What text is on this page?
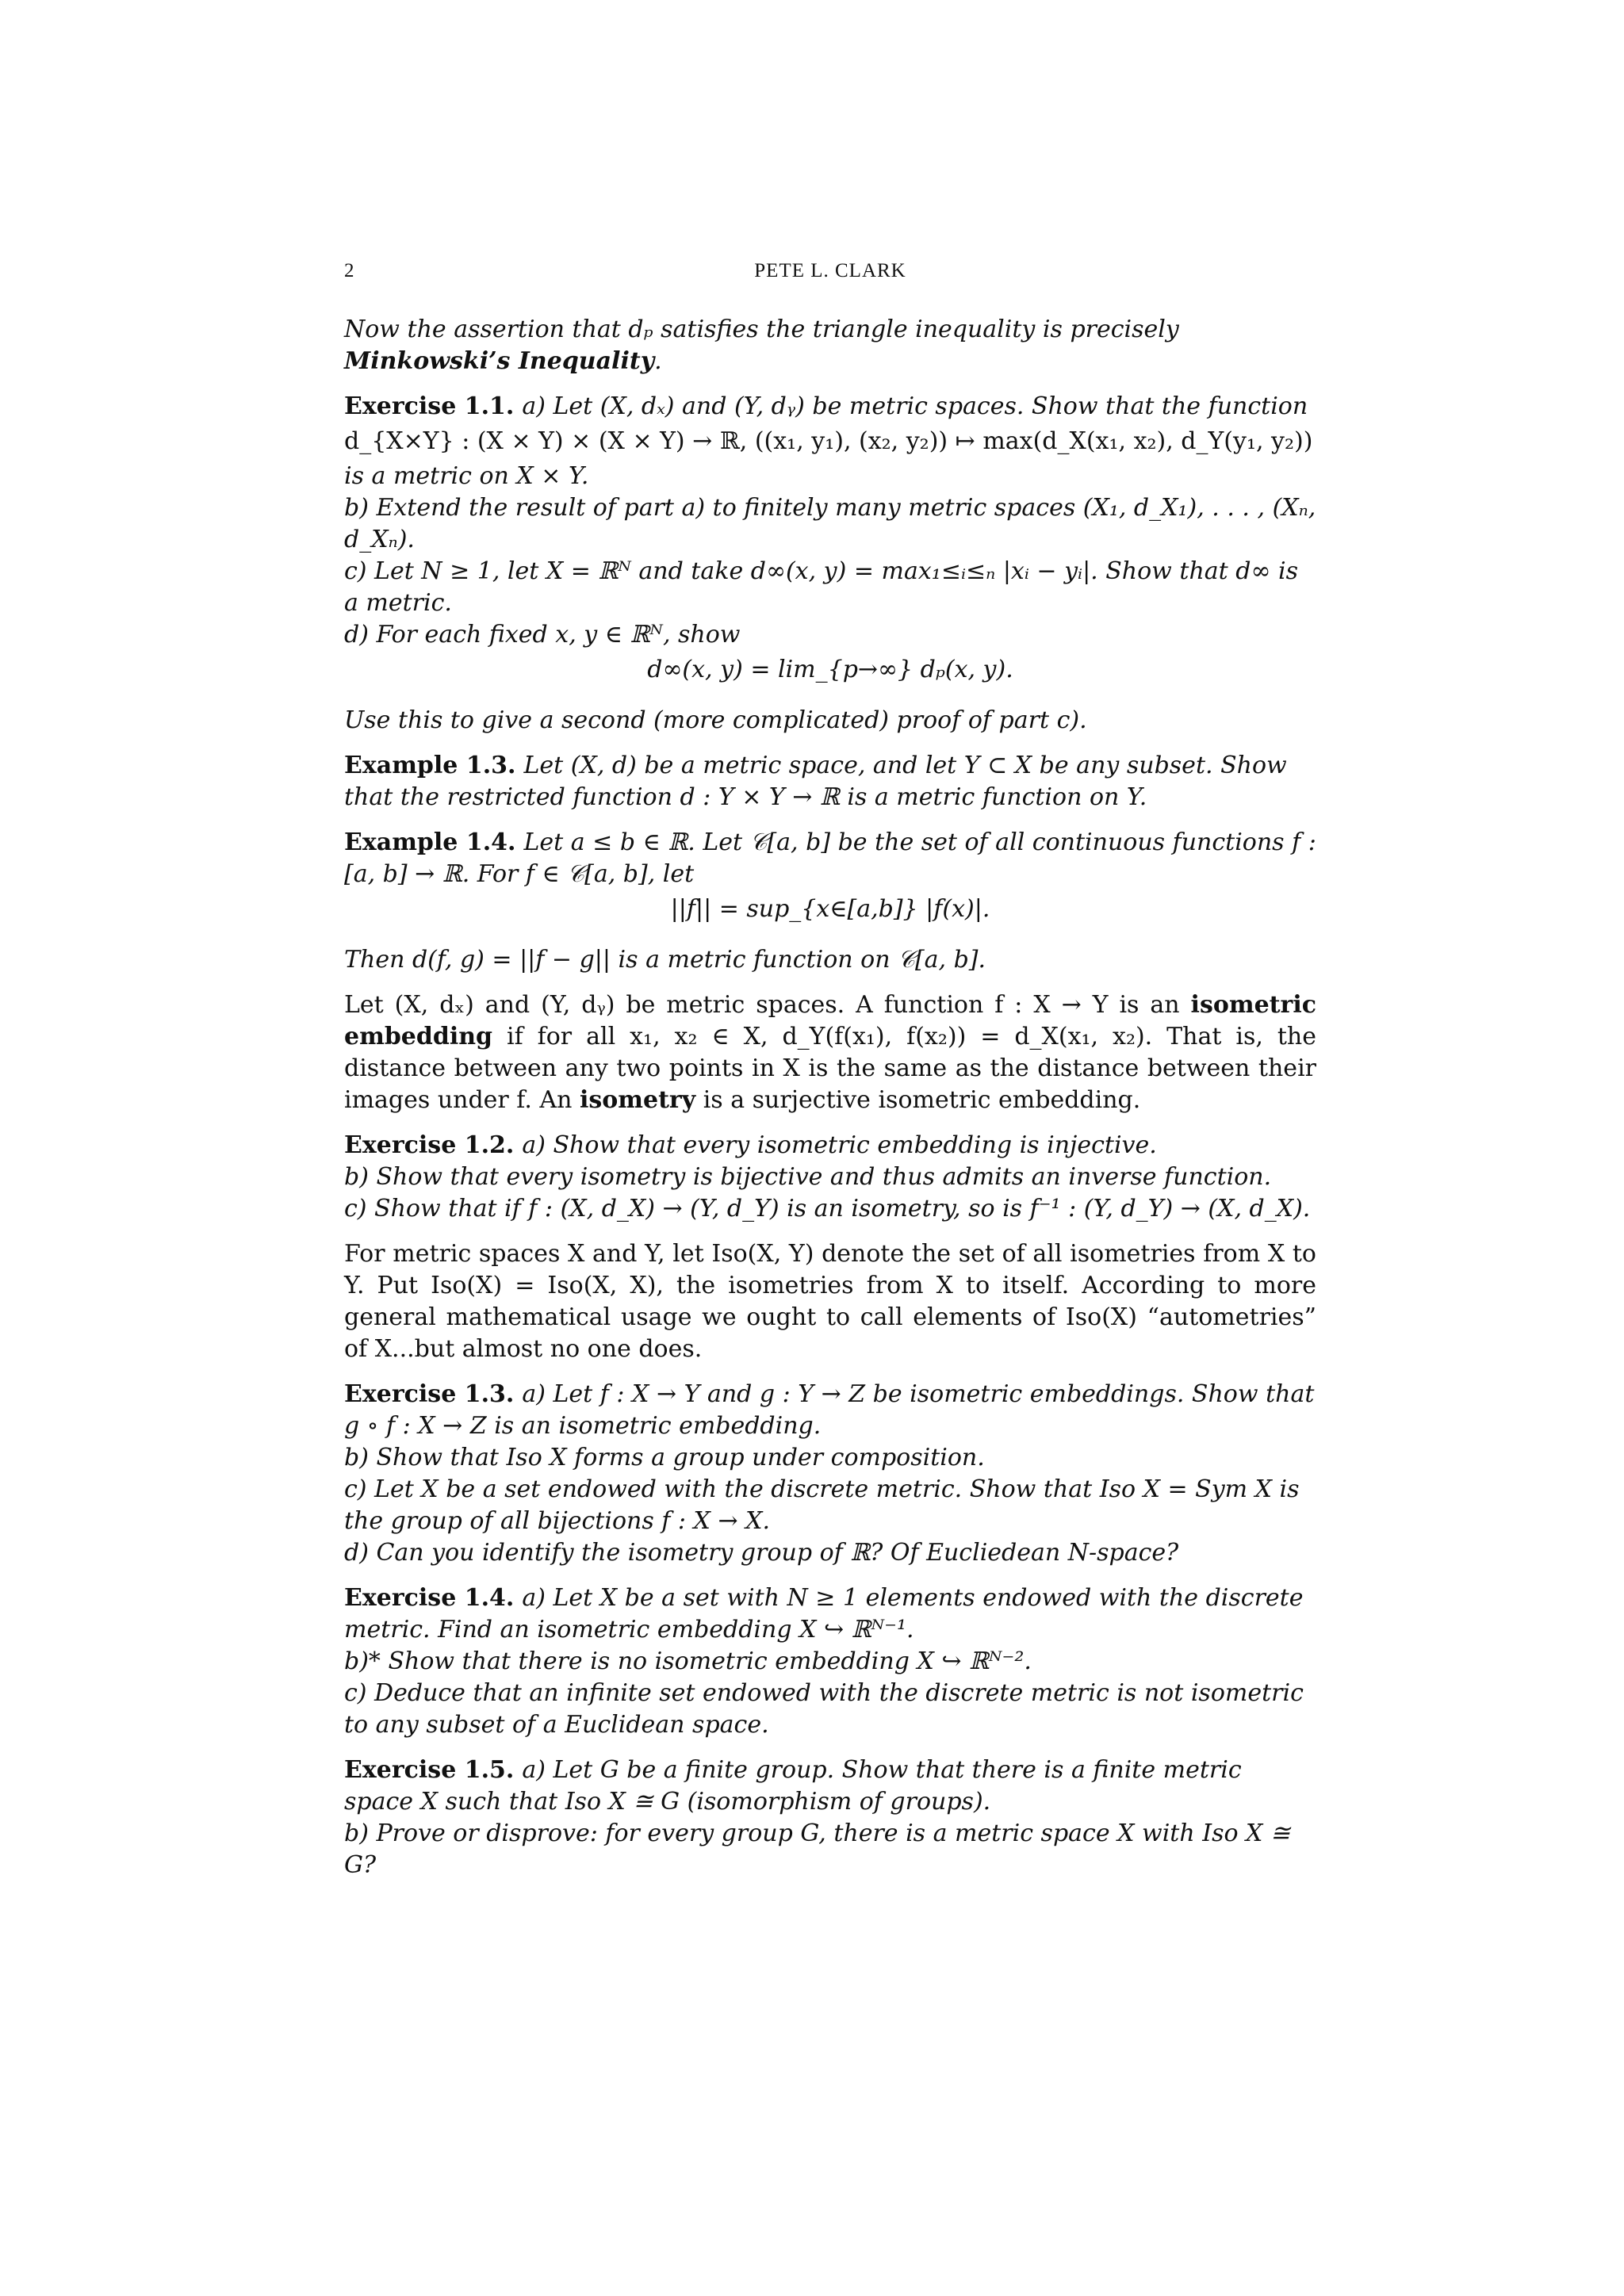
2	PETE L. CLARK
Now the assertion that dₚ satisfies the triangle inequality is precisely Minkowski’s Inequality.
Exercise 1.1. a) Let (X, dₓ) and (Y, dᵧ) be metric spaces. Show that the function
d_{X×Y} : (X × Y) × (X × Y) → ℝ, ((x₁, y₁), (x₂, y₂)) ↦ max(d_X(x₁, x₂), d_Y(y₁, y₂))
is a metric on X × Y.
b) Extend the result of part a) to finitely many metric spaces (X₁, d_X₁), . . . , (Xₙ, d_Xₙ).
c) Let N ≥ 1, let X = ℝᴺ and take d∞(x, y) = max₁≤ᵢ≤ₙ |xᵢ − yᵢ|. Show that d∞ is a metric.
d) For each fixed x, y ∈ ℝᴺ, show
d∞(x, y) = lim_{p→∞} dₚ(x, y).
Use this to give a second (more complicated) proof of part c).
Example 1.3. Let (X, d) be a metric space, and let Y ⊂ X be any subset. Show that the restricted function d : Y × Y → ℝ is a metric function on Y.
Example 1.4. Let a ≤ b ∈ ℝ. Let 𝒞[a, b] be the set of all continuous functions f : [a, b] → ℝ. For f ∈ 𝒞[a, b], let
||f|| = sup_{x∈[a,b]} |f(x)|.
Then d(f, g) = ||f − g|| is a metric function on 𝒞[a, b].
Let (X, dₓ) and (Y, dᵧ) be metric spaces. A function f : X → Y is an isometric embedding if for all x₁, x₂ ∈ X, d_Y(f(x₁), f(x₂)) = d_X(x₁, x₂). That is, the distance between any two points in X is the same as the distance between their images under f. An isometry is a surjective isometric embedding.
Exercise 1.2. a) Show that every isometric embedding is injective.
b) Show that every isometry is bijective and thus admits an inverse function.
c) Show that if f : (X, d_X) → (Y, d_Y) is an isometry, so is f⁻¹ : (Y, d_Y) → (X, d_X).
For metric spaces X and Y, let Iso(X, Y) denote the set of all isometries from X to Y. Put Iso(X) = Iso(X, X), the isometries from X to itself. According to more general mathematical usage we ought to call elements of Iso(X) “autometries” of X...but almost no one does.
Exercise 1.3. a) Let f : X → Y and g : Y → Z be isometric embeddings. Show that g ∘ f : X → Z is an isometric embedding.
b) Show that Iso X forms a group under composition.
c) Let X be a set endowed with the discrete metric. Show that Iso X = Sym X is the group of all bijections f : X → X.
d) Can you identify the isometry group of ℝ? Of Eucliedean N-space?
Exercise 1.4. a) Let X be a set with N ≥ 1 elements endowed with the discrete metric. Find an isometric embedding X ↪ ℝᴺ⁻¹.
b)* Show that there is no isometric embedding X ↪ ℝᴺ⁻².
c) Deduce that an infinite set endowed with the discrete metric is not isometric to any subset of a Euclidean space.
Exercise 1.5. a) Let G be a finite group. Show that there is a finite metric space X such that Iso X ≅ G (isomorphism of groups).
b) Prove or disprove: for every group G, there is a metric space X with Iso X ≅ G?
